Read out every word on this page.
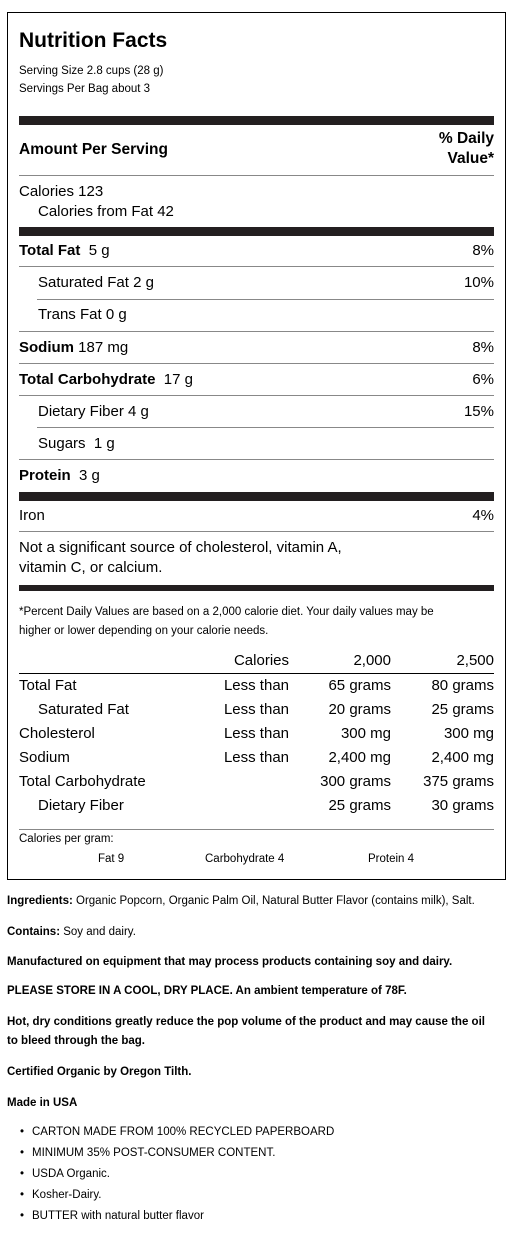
Nutrition Facts
Serving Size 2.8 cups (28 g)
Servings Per Bag about 3
Amount Per Serving
% Daily
Value*
Calories 123
Calories from Fat 42
Total Fat 5 g	8%
Saturated Fat 2 g	10%
Trans Fat 0 g
Sodium 187 mg	8%
Total Carbohydrate 17 g	6%
Dietary Fiber 4 g	15%
Sugars 1 g
Protein 3 g
Iron	4%
Not a significant source of cholesterol, vitamin A,
vitamin C, or calcium.
*Percent Daily Values are based on a 2,000 calorie diet. Your daily values may be
higher or lower depending on your calorie needs.
	Calories	2,000	2,500
Total Fat	Less than	65 grams	80 grams
Saturated Fat	Less than	20 grams	25 grams
Cholesterol	Less than	300 mg	300 mg
Sodium	Less than	2,400 mg	2,400 mg
Total Carbohydrate		300 grams	375 grams
Dietary Fiber		25 grams	30 grams
Calories per gram:
Fat 9	Carbohydrate 4	Protein 4
Ingredients: Organic Popcorn, Organic Palm Oil, Natural Butter Flavor (contains milk), Salt.
Contains: Soy and dairy.
Manufactured on equipment that may process products containing soy and dairy.
PLEASE STORE IN A COOL, DRY PLACE. An ambient temperature of 78F.
Hot, dry conditions greatly reduce the pop volume of the product and may cause the oil
to bleed through the bag.
Certified Organic by Oregon Tilth.
Made in USA
• CARTON MADE FROM 100% RECYCLED PAPERBOARD
• MINIMUM 35% POST-CONSUMER CONTENT.
• USDA Organic.
• Kosher-Dairy.
• BUTTER with natural butter flavor
